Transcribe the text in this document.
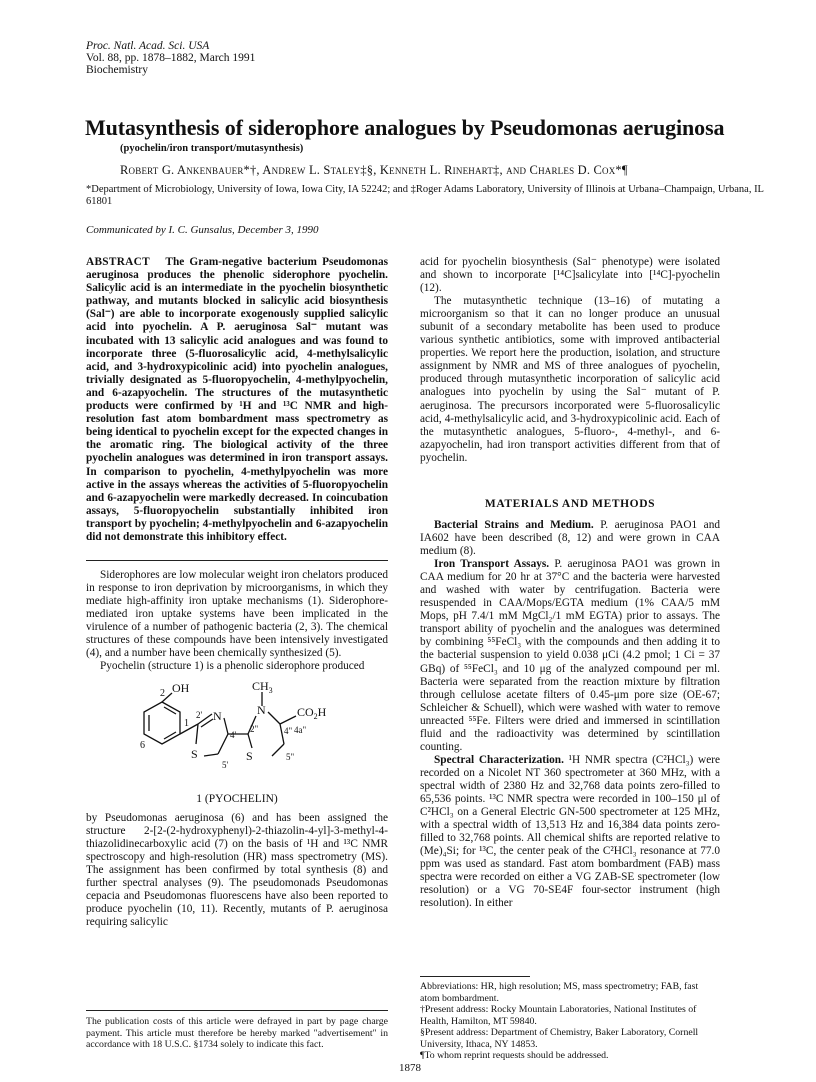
Proc. Natl. Acad. Sci. USA
Vol. 88, pp. 1878–1882, March 1991
Biochemistry
Mutasynthesis of siderophore analogues by Pseudomonas aeruginosa
(pyochelin/iron transport/mutasynthesis)
Robert G. Ankenbauer*†, Andrew L. Staley‡§, Kenneth L. Rinehart‡, and Charles D. Cox*¶
*Department of Microbiology, University of Iowa, Iowa City, IA 52242; and ‡Roger Adams Laboratory, University of Illinois at Urbana–Champaign, Urbana, IL 61801
Communicated by I. C. Gunsalus, December 3, 1990

ABSTRACT The Gram-negative bacterium Pseudomonas aeruginosa produces the phenolic siderophore pyochelin. Salicylic acid is an intermediate in the pyochelin biosynthetic pathway, and mutants blocked in salicylic acid biosynthesis (Sal⁻) are able to incorporate exogenously supplied salicylic acid into pyochelin. A P. aeruginosa Sal⁻ mutant was incubated with 13 salicylic acid analogues and was found to incorporate three (5-fluorosalicylic acid, 4-methylsalicylic acid, and 3-hydroxypicolinic acid) into pyochelin analogues, trivially designated as 5-fluoropyochelin, 4-methylpyochelin, and 6-azapyochelin. The structures of the mutasynthetic products were confirmed by ¹H and ¹³C NMR and high-resolution fast atom bombardment mass spectrometry as being identical to pyochelin except for the expected changes in the aromatic ring. The biological activity of the three pyochelin analogues was determined in iron transport assays. In comparison to pyochelin, 4-methylpyochelin was more active in the assays whereas the activities of 5-fluoropyochelin and 6-azapyochelin were markedly decreased. In coincubation assays, 5-fluoropyochelin substantially inhibited iron transport by pyochelin; 4-methylpyochelin and 6-azapyochelin did not demonstrate this inhibitory effect.

Siderophores are low molecular weight iron chelators produced in response to iron deprivation by microorganisms, in which they mediate high-affinity iron uptake mechanisms (1). Siderophore-mediated iron uptake systems have been implicated in the virulence of a number of pathogenic bacteria (2, 3). The chemical structures of these compounds have been intensively investigated (4), and a number have been chemically synthesized (5).

Pyochelin (structure 1) is a phenolic siderophore produced

OH
2
1
6
2' N
4'
S
5'
$CH_3$
N
2"	4"
$CO_2H$
4a"
S	5"
1 (PYOCHELIN)

by Pseudomonas aeruginosa (6) and has been assigned the structure 2-[2-(2-hydroxyphenyl)-2-thiazolin-4-yl]-3-methyl-4-thiazolidinecarboxylic acid (7) on the basis of ¹H and ¹³C NMR spectroscopy and high-resolution (HR) mass spectrometry (MS). The assignment has been confirmed by total synthesis (8) and further spectral analyses (9). The pseudomonads Pseudomonas cepacia and Pseudomonas fluorescens have also been reported to produce pyochelin (10, 11). Recently, mutants of P. aeruginosa requiring salicylic

The publication costs of this article were defrayed in part by page charge payment. This article must therefore be hereby marked "advertisement" in accordance with 18 U.S.C. §1734 solely to indicate this fact.

acid for pyochelin biosynthesis (Sal⁻ phenotype) were isolated and shown to incorporate [¹⁴C]salicylate into [¹⁴C]-pyochelin (12).

The mutasynthetic technique (13–16) of mutating a microorganism so that it can no longer produce an unusual subunit of a secondary metabolite has been used to produce various synthetic antibiotics, some with improved antibacterial properties. We report here the production, isolation, and structure assignment by NMR and MS of three analogues of pyochelin, produced through mutasynthetic incorporation of salicylic acid analogues into pyochelin by using the Sal⁻ mutant of P. aeruginosa. The precursors incorporated were 5-fluorosalicylic acid, 4-methylsalicylic acid, and 3-hydroxypicolinic acid. Each of the mutasynthetic analogues, 5-fluoro-, 4-methyl-, and 6-azapyochelin, had iron transport activities different from that of pyochelin.

MATERIALS AND METHODS

Bacterial Strains and Medium. P. aeruginosa PAO1 and IA602 have been described (8, 12) and were grown in CAA medium (8).

Iron Transport Assays. P. aeruginosa PAO1 was grown in CAA medium for 20 hr at 37°C and the bacteria were harvested and washed with water by centrifugation. Bacteria were resuspended in CAA/Mops/EGTA medium (1% CAA/5 mM Mops, pH 7.4/1 mM MgCl₂/1 mM EGTA) prior to assays. The transport ability of pyochelin and the analogues was determined by combining ⁵⁵FeCl₃ with the compounds and then adding it to the bacterial suspension to yield 0.038 μCi (4.2 pmol; 1 Ci = 37 GBq) of ⁵⁵FeCl₃ and 10 μg of the analyzed compound per ml. Bacteria were separated from the reaction mixture by filtration through cellulose acetate filters of 0.45-μm pore size (OE-67; Schleicher & Schuell), which were washed with water to remove unreacted ⁵⁵Fe. Filters were dried and immersed in scintillation fluid and the radioactivity was determined by scintillation counting.

Spectral Characterization. ¹H NMR spectra (C²HCl₃) were recorded on a Nicolet NT 360 spectrometer at 360 MHz, with a spectral width of 2380 Hz and 32,768 data points zero-filled to 65,536 points. ¹³C NMR spectra were recorded in 100–150 μl of C²HCl₃ on a General Electric GN-500 spectrometer at 125 MHz, with a spectral width of 13,513 Hz and 16,384 data points zero-filled to 32,768 points. All chemical shifts are reported relative to (Me)₄Si; for ¹³C, the center peak of the C²HCl₃ resonance at 77.0 ppm was used as standard. Fast atom bombardment (FAB) mass spectra were recorded on either a VG ZAB-SE spectrometer (low resolution) or a VG 70-SE4F four-sector instrument (high resolution). In either

Abbreviations: HR, high resolution; MS, mass spectrometry; FAB, fast atom bombardment.
†Present address: Rocky Mountain Laboratories, National Institutes of Health, Hamilton, MT 59840.
§Present address: Department of Chemistry, Baker Laboratory, Cornell University, Ithaca, NY 14853.
¶To whom reprint requests should be addressed.
1878
